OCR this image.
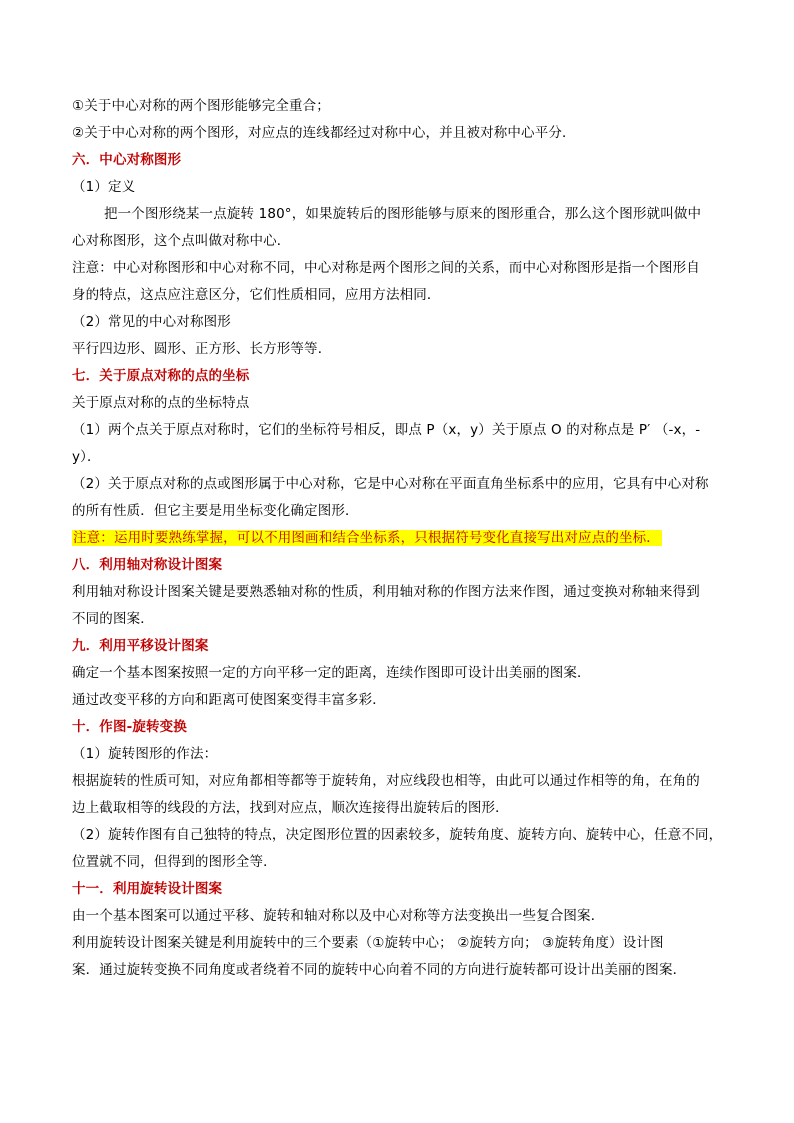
①关于中心对称的两个图形能够完全重合；
②关于中心对称的两个图形，对应点的连线都经过对称中心，并且被对称中心平分．
六．中心对称图形
（1）定义
把一个图形绕某一点旋转 180°，如果旋转后的图形能够与原来的图形重合，那么这个图形就叫做中
心对称图形，这个点叫做对称中心．
注意：中心对称图形和中心对称不同，中心对称是两个图形之间的关系，而中心对称图形是指一个图形自
身的特点，这点应注意区分，它们性质相同，应用方法相同．
（2）常见的中心对称图形
平行四边形、圆形、正方形、长方形等等．
七．关于原点对称的点的坐标
关于原点对称的点的坐标特点
（1）两个点关于原点对称时，它们的坐标符号相反，即点 P（x，y）关于原点 O 的对称点是 P′ （-x，-
y）．
（2）关于原点对称的点或图形属于中心对称，它是中心对称在平面直角坐标系中的应用，它具有中心对称
的所有性质．但它主要是用坐标变化确定图形．
注意：运用时要熟练掌握，可以不用图画和结合坐标系，只根据符号变化直接写出对应点的坐标．
八．利用轴对称设计图案
利用轴对称设计图案关键是要熟悉轴对称的性质，利用轴对称的作图方法来作图，通过变换对称轴来得到
不同的图案．
九．利用平移设计图案
确定一个基本图案按照一定的方向平移一定的距离，连续作图即可设计出美丽的图案．
通过改变平移的方向和距离可使图案变得丰富多彩．
十．作图-旋转变换
（1）旋转图形的作法：
根据旋转的性质可知，对应角都相等都等于旋转角，对应线段也相等，由此可以通过作相等的角，在角的
边上截取相等的线段的方法，找到对应点，顺次连接得出旋转后的图形．
（2）旋转作图有自己独特的特点，决定图形位置的因素较多，旋转角度、旋转方向、旋转中心，任意不同，
位置就不同，但得到的图形全等．
十一．利用旋转设计图案
由一个基本图案可以通过平移、旋转和轴对称以及中心对称等方法变换出一些复合图案．
利用旋转设计图案关键是利用旋转中的三个要素（①旋转中心； ②旋转方向； ③旋转角度）设计图
案．通过旋转变换不同角度或者绕着不同的旋转中心向着不同的方向进行旋转都可设计出美丽的图案．
